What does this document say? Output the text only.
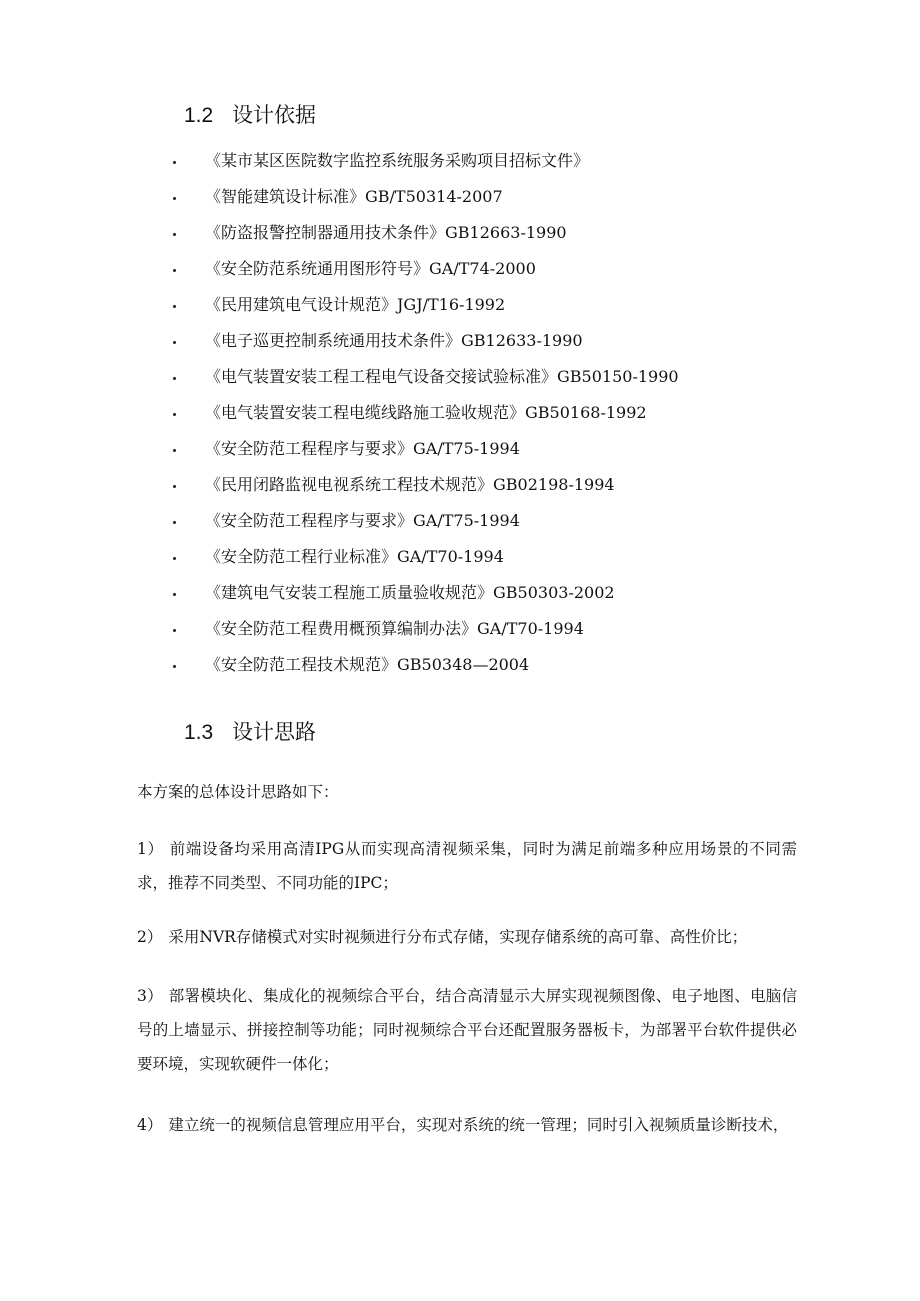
1.2 设计依据
《某市某区医院数字监控系统服务采购项目招标文件》
《智能建筑设计标准》GB/T50314-2007
《防盗报警控制器通用技术条件》GB12663-1990
《安全防范系统通用图形符号》GA/T74-2000
《民用建筑电气设计规范》JGJ/T16-1992
《电子巡更控制系统通用技术条件》GB12633-1990
《电气装置安装工程工程电气设备交接试验标准》GB50150-1990
《电气装置安装工程电缆线路施工验收规范》GB50168-1992
《安全防范工程程序与要求》GA/T75-1994
《民用闭路监视电视系统工程技术规范》GB02198-1994
《安全防范工程程序与要求》GA/T75-1994
《安全防范工程行业标准》GA/T70-1994
《建筑电气安装工程施工质量验收规范》GB50303-2002
《安全防范工程费用概预算编制办法》GA/T70-1994
《安全防范工程技术规范》GB50348—2004
1.3 设计思路

本方案的总体设计思路如下：

1） 前端设备均采用高清IPG从而实现高清视频采集，同时为满足前端多种应用场景的不同需求，推荐不同类型、不同功能的IPC；

2） 采用NVR存储模式对实时视频进行分布式存储，实现存储系统的高可靠、高性价比；

3） 部署模块化、集成化的视频综合平台，结合高清显示大屏实现视频图像、电子地图、电脑信号的上墙显示、拼接控制等功能；同时视频综合平台还配置服务器板卡，为部署平台软件提供必要环境，实现软硬件一体化；

4） 建立统一的视频信息管理应用平台，实现对系统的统一管理；同时引入视频质量诊断技术，
